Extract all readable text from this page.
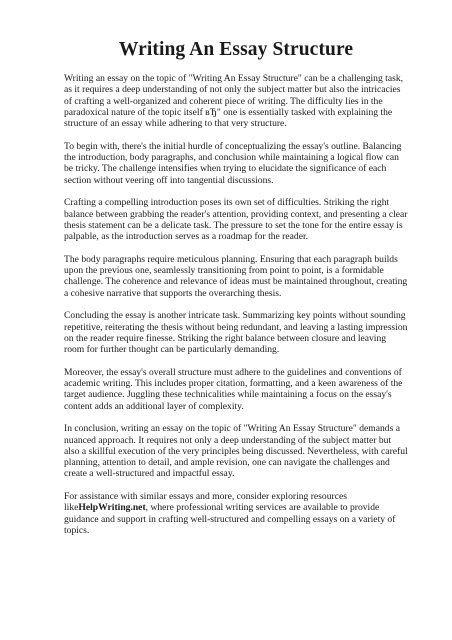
Writing An Essay Structure

Writing an essay on the topic of "Writing An Essay Structure" can be a challenging task, as it requires a deep understanding of not only the subject matter but also the intricacies of crafting a well-organized and coherent piece of writing. The difficulty lies in the paradoxical nature of the topic itself вЂ" one is essentially tasked with explaining the structure of an essay while adhering to that very structure.

To begin with, there's the initial hurdle of conceptualizing the essay's outline. Balancing the introduction, body paragraphs, and conclusion while maintaining a logical flow can be tricky. The challenge intensifies when trying to elucidate the significance of each section without veering off into tangential discussions.

Crafting a compelling introduction poses its own set of difficulties. Striking the right balance between grabbing the reader's attention, providing context, and presenting a clear thesis statement can be a delicate task. The pressure to set the tone for the entire essay is palpable, as the introduction serves as a roadmap for the reader.

The body paragraphs require meticulous planning. Ensuring that each paragraph builds upon the previous one, seamlessly transitioning from point to point, is a formidable challenge. The coherence and relevance of ideas must be maintained throughout, creating a cohesive narrative that supports the overarching thesis.

Concluding the essay is another intricate task. Summarizing key points without sounding repetitive, reiterating the thesis without being redundant, and leaving a lasting impression on the reader require finesse. Striking the right balance between closure and leaving room for further thought can be particularly demanding.

Moreover, the essay's overall structure must adhere to the guidelines and conventions of academic writing. This includes proper citation, formatting, and a keen awareness of the target audience. Juggling these technicalities while maintaining a focus on the essay's content adds an additional layer of complexity.

In conclusion, writing an essay on the topic of "Writing An Essay Structure" demands a nuanced approach. It requires not only a deep understanding of the subject matter but also a skillful execution of the very principles being discussed. Nevertheless, with careful planning, attention to detail, and ample revision, one can navigate the challenges and create a well-structured and impactful essay.

For assistance with similar essays and more, consider exploring resources likeHelpWriting.net, where professional writing services are available to provide guidance and support in crafting well-structured and compelling essays on a variety of topics.
